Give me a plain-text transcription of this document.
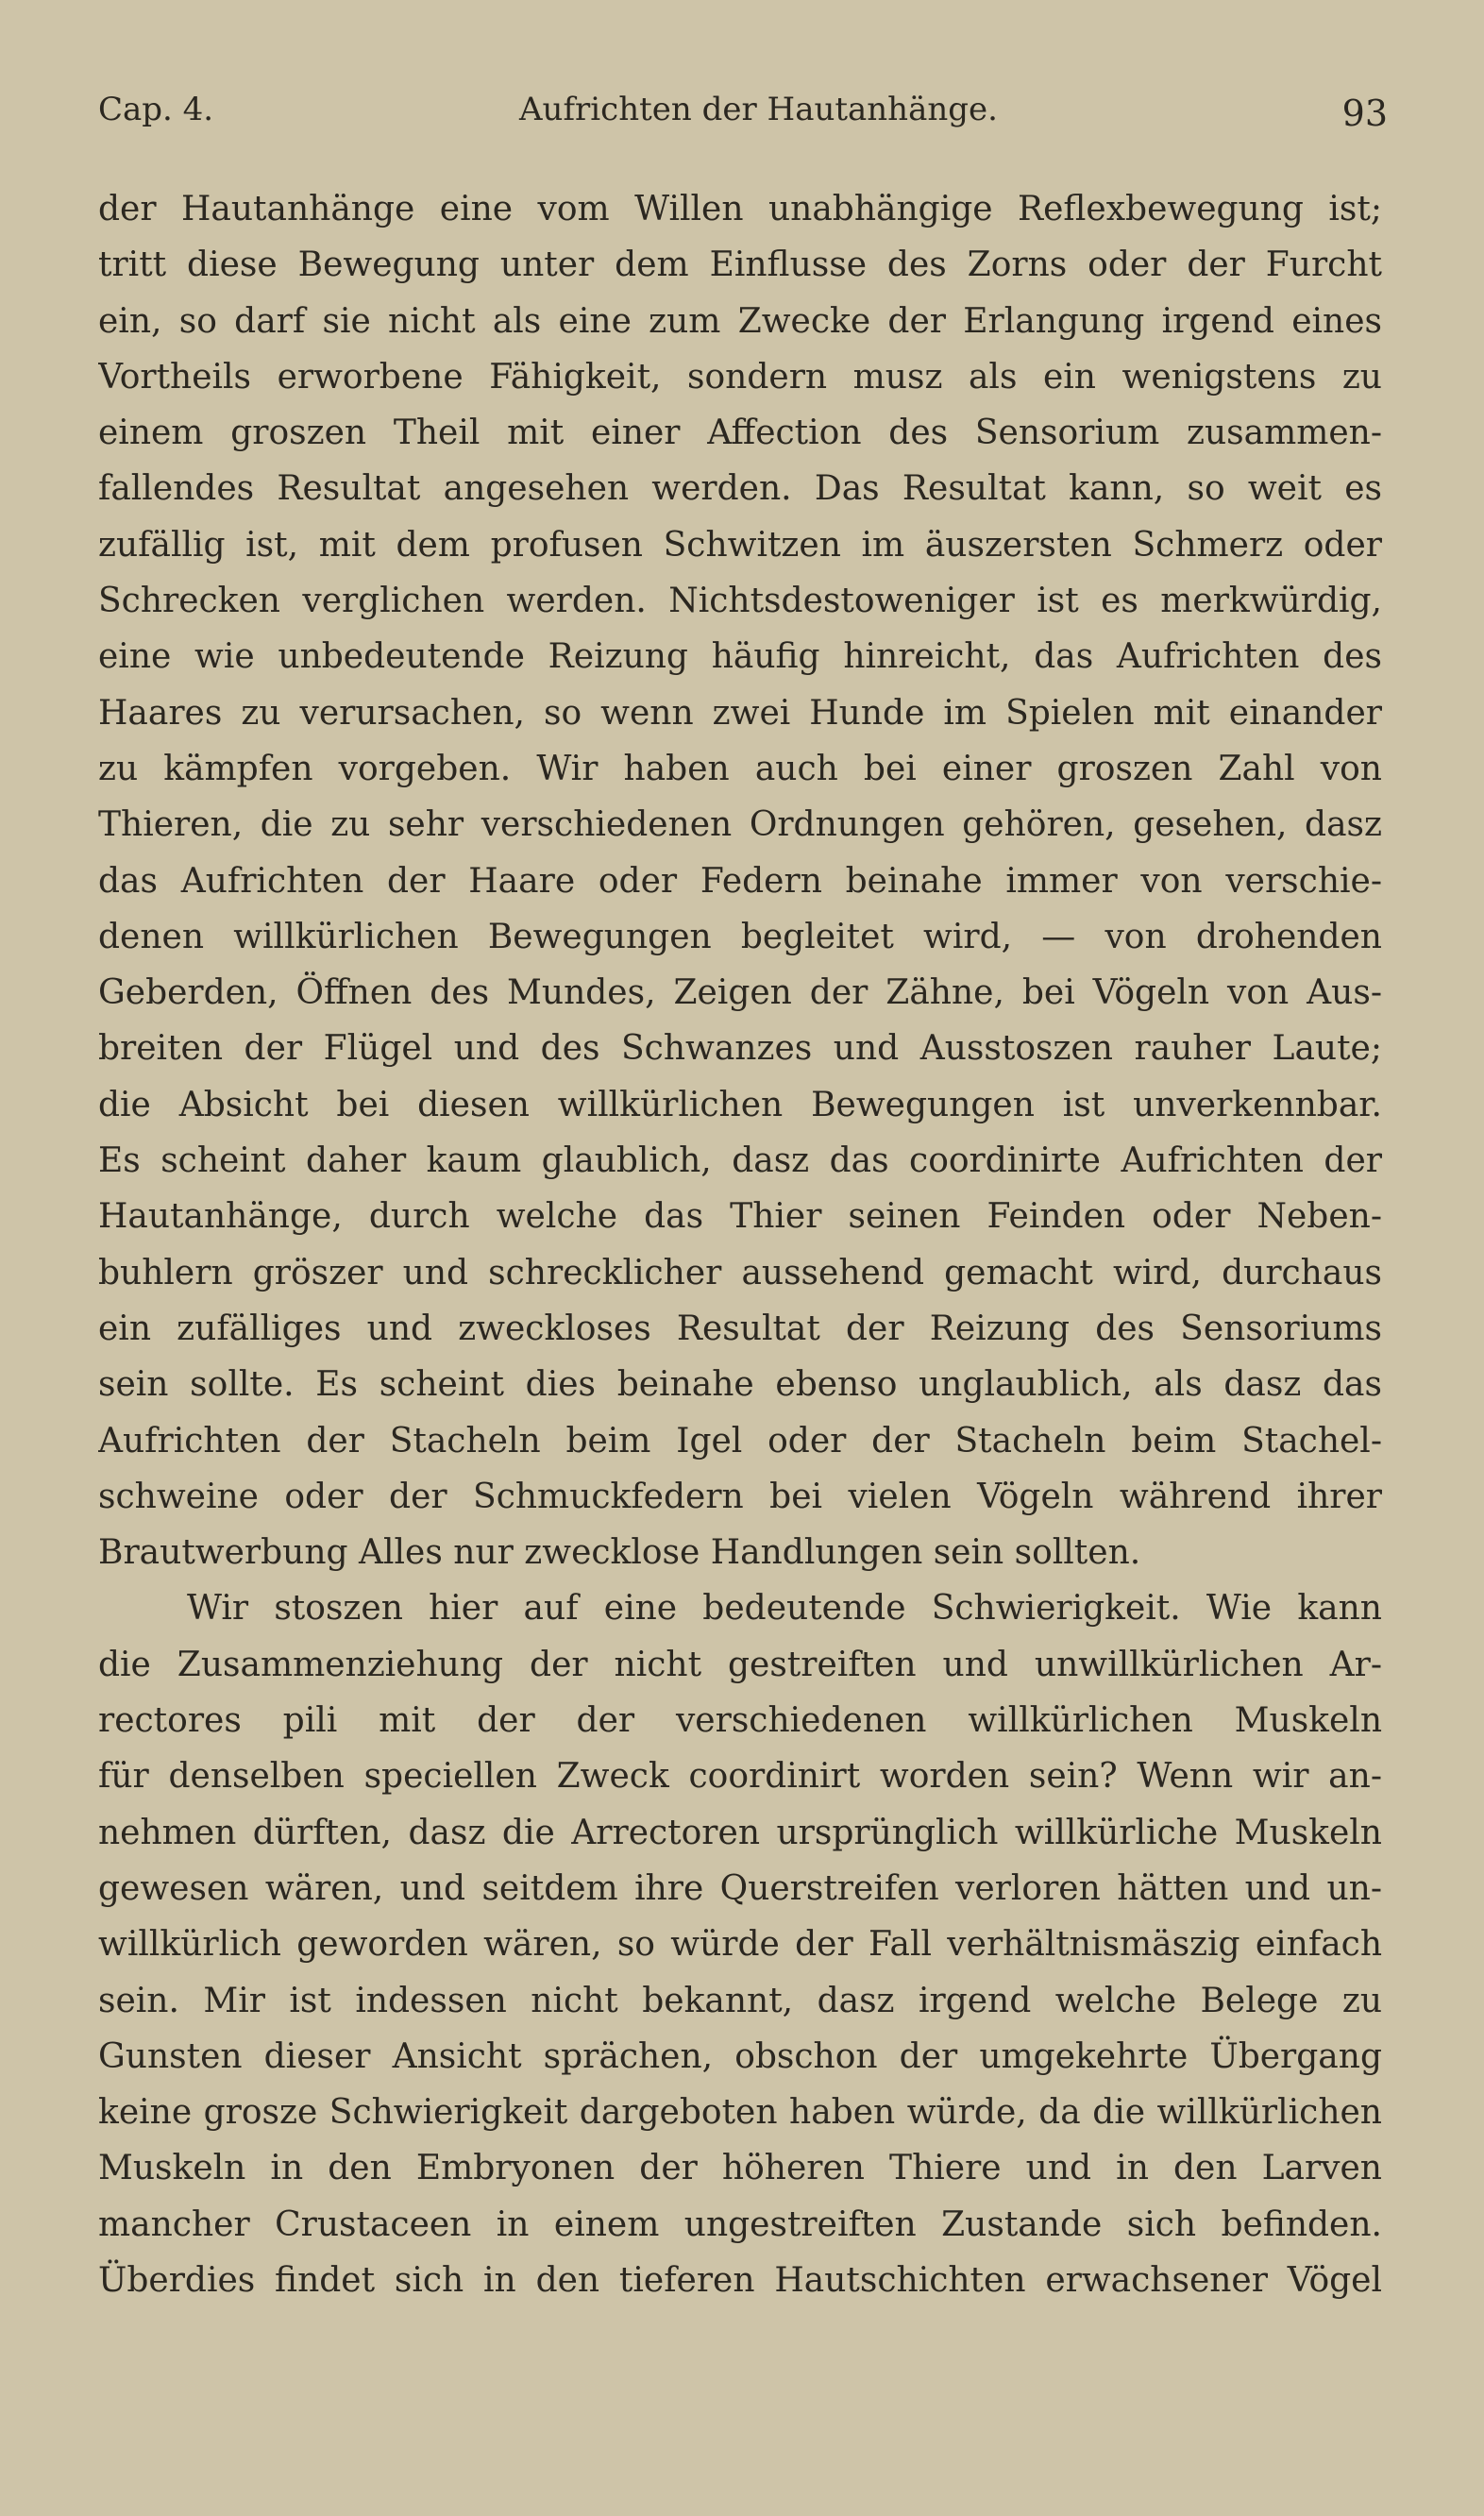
Cap. 4.	Aufrichten der Hautanhänge.	93
der Hautanhänge eine vom Willen unabhängige Reflexbewegung ist;
tritt diese Bewegung unter dem Einflusse des Zorns oder der Furcht
ein, so darf sie nicht als eine zum Zwecke der Erlangung irgend eines
Vortheils erworbene Fähigkeit, sondern musz als ein wenigstens zu
einem groszen Theil mit einer Affection des Sensorium zusammen-
fallendes Resultat angesehen werden. Das Resultat kann, so weit es
zufällig ist, mit dem profusen Schwitzen im äuszersten Schmerz oder
Schrecken verglichen werden. Nichtsdestoweniger ist es merkwürdig,
eine wie unbedeutende Reizung häufig hinreicht, das Aufrichten des
Haares zu verursachen, so wenn zwei Hunde im Spielen mit einander
zu kämpfen vorgeben. Wir haben auch bei einer groszen Zahl von
Thieren, die zu sehr verschiedenen Ordnungen gehören, gesehen, dasz
das Aufrichten der Haare oder Federn beinahe immer von verschie-
denen willkürlichen Bewegungen begleitet wird, — von drohenden
Geberden, Öffnen des Mundes, Zeigen der Zähne, bei Vögeln von Aus-
breiten der Flügel und des Schwanzes und Ausstoszen rauher Laute;
die Absicht bei diesen willkürlichen Bewegungen ist unverkennbar.
Es scheint daher kaum glaublich, dasz das coordinirte Aufrichten der
Hautanhänge, durch welche das Thier seinen Feinden oder Neben-
buhlern gröszer und schrecklicher aussehend gemacht wird, durchaus
ein zufälliges und zweckloses Resultat der Reizung des Sensoriums
sein sollte. Es scheint dies beinahe ebenso unglaublich, als dasz das
Aufrichten der Stacheln beim Igel oder der Stacheln beim Stachel-
schweine oder der Schmuckfedern bei vielen Vögeln während ihrer
Brautwerbung Alles nur zwecklose Handlungen sein sollten.
Wir stoszen hier auf eine bedeutende Schwierigkeit. Wie kann
die Zusammenziehung der nicht gestreiften und unwillkürlichen Ar-
rectores pili mit der der verschiedenen willkürlichen Muskeln
für denselben speciellen Zweck coordinirt worden sein? Wenn wir an-
nehmen dürften, dasz die Arrectoren ursprünglich willkürliche Muskeln
gewesen wären, und seitdem ihre Querstreifen verloren hätten und un-
willkürlich geworden wären, so würde der Fall verhältnismäszig einfach
sein. Mir ist indessen nicht bekannt, dasz irgend welche Belege zu
Gunsten dieser Ansicht sprächen, obschon der umgekehrte Übergang
keine grosze Schwierigkeit dargeboten haben würde, da die willkürlichen
Muskeln in den Embryonen der höheren Thiere und in den Larven
mancher Crustaceen in einem ungestreiften Zustande sich befinden.
Überdies findet sich in den tieferen Hautschichten erwachsener Vögel
